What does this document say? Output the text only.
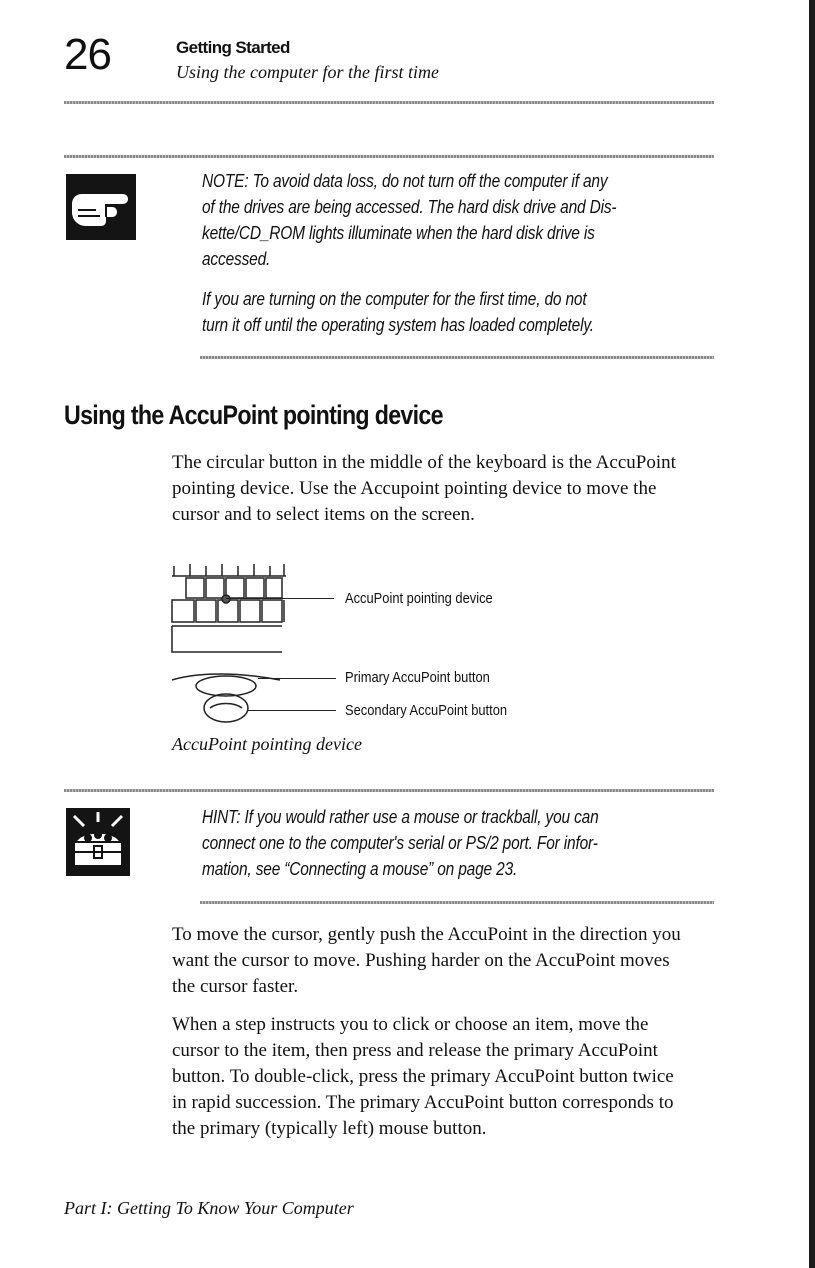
26	Getting Started
Using the computer for the first time

NOTE: To avoid data loss, do not turn off the computer if any

of the drives are being accessed. The hard disk drive and Dis-

kette/CD_ROM lights illuminate when the hard disk drive is

accessed.

If you are turning on the computer for the first time, do not

turn it off until the operating system has loaded completely.

Using the AccuPoint pointing device

The circular button in the middle of the keyboard is the AccuPoint

pointing device. Use the Accupoint pointing device to move the

cursor and to select items on the screen.

AccuPoint pointing device
Primary AccuPoint button
Secondary AccuPoint button
AccuPoint pointing device

HINT: If you would rather use a mouse or trackball, you can

connect one to the computer's serial or PS/2 port. For infor-

mation, see “Connecting a mouse” on page 23.

To move the cursor, gently push the AccuPoint in the direction you

want the cursor to move. Pushing harder on the AccuPoint moves

the cursor faster.

When a step instructs you to click or choose an item, move the

cursor to the item, then press and release the primary AccuPoint

button. To double-click, press the primary AccuPoint button twice

in rapid succession. The primary AccuPoint button corresponds to

the primary (typically left) mouse button.

Part I: Getting To Know Your Computer
